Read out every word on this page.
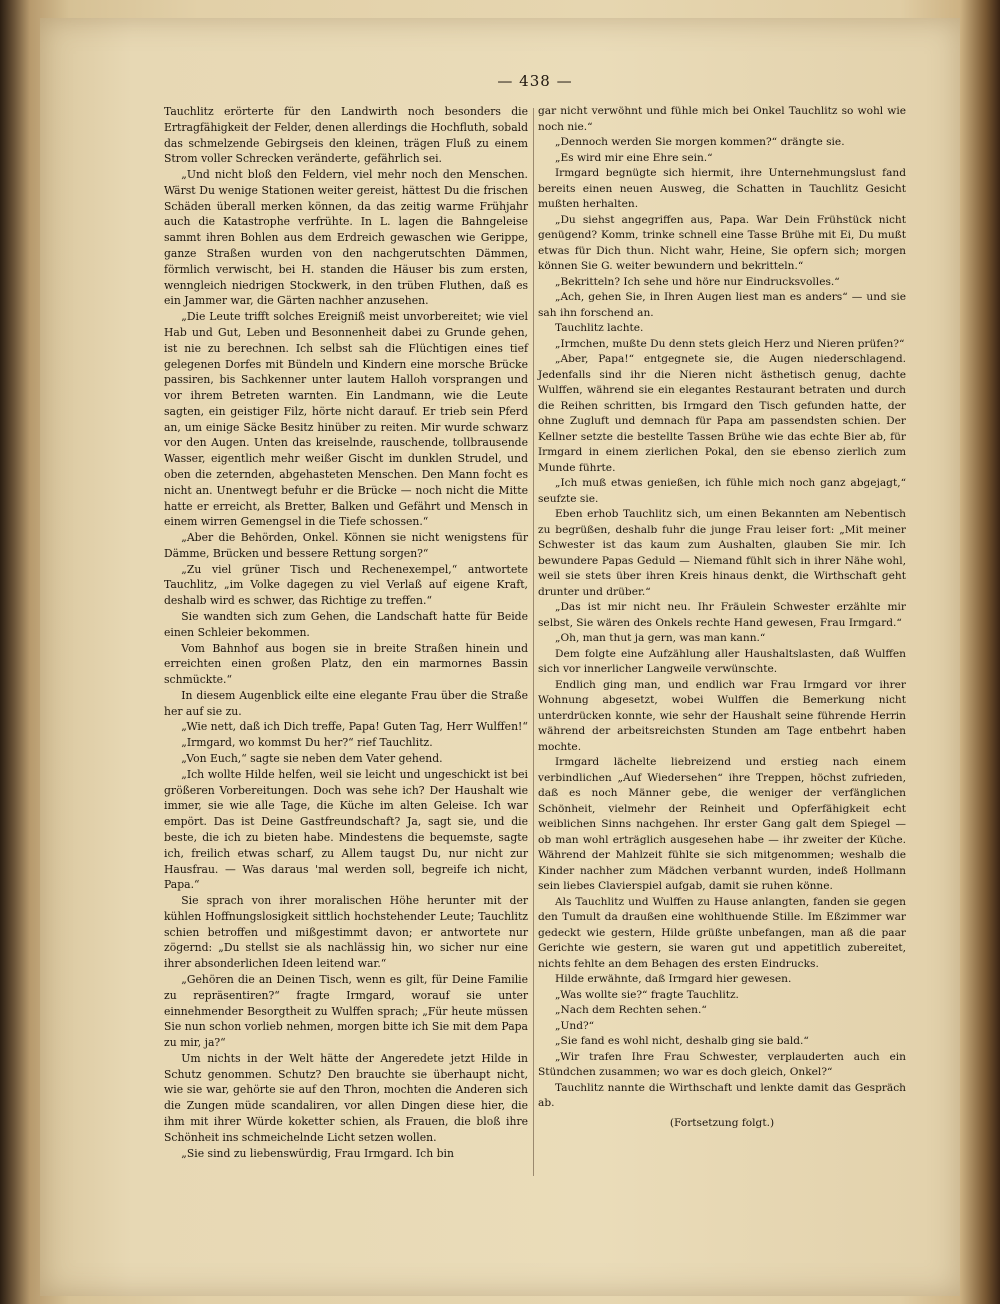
— 438 —

Tauchlitz erörterte für den Landwirth noch besonders die Ertragfähigkeit der Felder, denen allerdings die Hochfluth, sobald das schmelzende Gebirgseis den kleinen, trägen Fluß zu einem Strom voller Schrecken veränderte, gefährlich sei.

„Und nicht bloß den Feldern, viel mehr noch den Menschen. Wärst Du wenige Stationen weiter gereist, hättest Du die frischen Schäden überall merken können, da das zeitig warme Frühjahr auch die Katastrophe verfrühte. In L. lagen die Bahngeleise sammt ihren Bohlen aus dem Erdreich gewaschen wie Gerippe, ganze Straßen wurden von den nachgerutschten Dämmen, förmlich verwischt, bei H. standen die Häuser bis zum ersten, wenngleich niedrigen Stockwerk, in den trüben Fluthen, daß es ein Jammer war, die Gärten nachher anzusehen.

„Die Leute trifft solches Ereigniß meist unvorbereitet; wie viel Hab und Gut, Leben und Besonnenheit dabei zu Grunde gehen, ist nie zu berechnen. Ich selbst sah die Flüchtigen eines tief gelegenen Dorfes mit Bündeln und Kindern eine morsche Brücke passiren, bis Sachkenner unter lautem Halloh vorsprangen und vor ihrem Betreten warnten. Ein Landmann, wie die Leute sagten, ein geistiger Filz, hörte nicht darauf. Er trieb sein Pferd an, um einige Säcke Besitz hinüber zu reiten. Mir wurde schwarz vor den Augen. Unten das kreiselnde, rauschende, tollbrausende Wasser, eigentlich mehr weißer Gischt im dunklen Strudel, und oben die zeternden, abgehasteten Menschen. Den Mann focht es nicht an. Unentwegt befuhr er die Brücke — noch nicht die Mitte hatte er erreicht, als Bretter, Balken und Gefährt und Mensch in einem wirren Gemengsel in die Tiefe schossen.“

„Aber die Behörden, Onkel. Können sie nicht wenigstens für Dämme, Brücken und bessere Rettung sorgen?“

„Zu viel grüner Tisch und Rechenexempel,“ antwortete Tauchlitz, „im Volke dagegen zu viel Verlaß auf eigene Kraft, deshalb wird es schwer, das Richtige zu treffen.“

Sie wandten sich zum Gehen, die Landschaft hatte für Beide einen Schleier bekommen.

Vom Bahnhof aus bogen sie in breite Straßen hinein und erreichten einen großen Platz, den ein marmornes Bassin schmückte.“

In diesem Augenblick eilte eine elegante Frau über die Straße her auf sie zu.

„Wie nett, daß ich Dich treffe, Papa! Guten Tag, Herr Wulffen!“

„Irmgard, wo kommst Du her?“ rief Tauchlitz.

„Von Euch,“ sagte sie neben dem Vater gehend.

„Ich wollte Hilde helfen, weil sie leicht und ungeschickt ist bei größeren Vorbereitungen. Doch was sehe ich? Der Haushalt wie immer, sie wie alle Tage, die Küche im alten Geleise. Ich war empört. Das ist Deine Gastfreundschaft? Ja, sagt sie, und die beste, die ich zu bieten habe. Mindestens die bequemste, sagte ich, freilich etwas scharf, zu Allem taugst Du, nur nicht zur Hausfrau. — Was daraus 'mal werden soll, begreife ich nicht, Papa.“

Sie sprach von ihrer moralischen Höhe herunter mit der kühlen Hoffnungslosigkeit sittlich hochstehender Leute; Tauchlitz schien betroffen und mißgestimmt davon; er antwortete nur zögernd: „Du stellst sie als nachlässig hin, wo sicher nur eine ihrer absonderlichen Ideen leitend war.“

„Gehören die an Deinen Tisch, wenn es gilt, für Deine Familie zu repräsentiren?“ fragte Irmgard, worauf sie unter einnehmender Besorgtheit zu Wulffen sprach; „Für heute müssen Sie nun schon vorlieb nehmen, morgen bitte ich Sie mit dem Papa zu mir, ja?“

Um nichts in der Welt hätte der Angeredete jetzt Hilde in Schutz genommen. Schutz? Den brauchte sie überhaupt nicht, wie sie war, gehörte sie auf den Thron, mochten die Anderen sich die Zungen müde scandaliren, vor allen Dingen diese hier, die ihm mit ihrer Würde koketter schien, als Frauen, die bloß ihre Schönheit ins schmeichelnde Licht setzen wollen.

„Sie sind zu liebenswürdig, Frau Irmgard. Ich bin

gar nicht verwöhnt und fühle mich bei Onkel Tauchlitz so wohl wie noch nie.“

„Dennoch werden Sie morgen kommen?“ drängte sie.

„Es wird mir eine Ehre sein.“

Irmgard begnügte sich hiermit, ihre Unternehmungslust fand bereits einen neuen Ausweg, die Schatten in Tauchlitz Gesicht mußten herhalten.

„Du siehst angegriffen aus, Papa. War Dein Frühstück nicht genügend? Komm, trinke schnell eine Tasse Brühe mit Ei, Du mußt etwas für Dich thun. Nicht wahr, Heine, Sie opfern sich; morgen können Sie G. weiter bewundern und bekritteln.“

„Bekritteln? Ich sehe und höre nur Eindrucksvolles.“

„Ach, gehen Sie, in Ihren Augen liest man es anders“ — und sie sah ihn forschend an.

Tauchlitz lachte.

„Irmchen, mußte Du denn stets gleich Herz und Nieren prüfen?“

„Aber, Papa!“ entgegnete sie, die Augen niederschlagend. Jedenfalls sind ihr die Nieren nicht ästhetisch genug, dachte Wulffen, während sie ein elegantes Restaurant betraten und durch die Reihen schritten, bis Irmgard den Tisch gefunden hatte, der ohne Zugluft und demnach für Papa am passendsten schien. Der Kellner setzte die bestellte Tassen Brühe wie das echte Bier ab, für Irmgard in einem zierlichen Pokal, den sie ebenso zierlich zum Munde führte.

„Ich muß etwas genießen, ich fühle mich noch ganz abgejagt,“ seufzte sie.

Eben erhob Tauchlitz sich, um einen Bekannten am Nebentisch zu begrüßen, deshalb fuhr die junge Frau leiser fort: „Mit meiner Schwester ist das kaum zum Aushalten, glauben Sie mir. Ich bewundere Papas Geduld — Niemand fühlt sich in ihrer Nähe wohl, weil sie stets über ihren Kreis hinaus denkt, die Wirthschaft geht drunter und drüber.“

„Das ist mir nicht neu. Ihr Fräulein Schwester erzählte mir selbst, Sie wären des Onkels rechte Hand gewesen, Frau Irmgard.“

„Oh, man thut ja gern, was man kann.“

Dem folgte eine Aufzählung aller Haushaltslasten, daß Wulffen sich vor innerlicher Langweile verwünschte.

Endlich ging man, und endlich war Frau Irmgard vor ihrer Wohnung abgesetzt, wobei Wulffen die Bemerkung nicht unterdrücken konnte, wie sehr der Haushalt seine führende Herrin während der arbeitsreichsten Stunden am Tage entbehrt haben mochte.

Irmgard lächelte liebreizend und erstieg nach einem verbindlichen „Auf Wiedersehen“ ihre Treppen, höchst zufrieden, daß es noch Männer gebe, die weniger der verfänglichen Schönheit, vielmehr der Reinheit und Opferfähigkeit echt weiblichen Sinns nachgehen. Ihr erster Gang galt dem Spiegel — ob man wohl erträglich ausgesehen habe — ihr zweiter der Küche. Während der Mahlzeit fühlte sie sich mitgenommen; weshalb die Kinder nachher zum Mädchen verbannt wurden, indeß Hollmann sein liebes Clavierspiel aufgab, damit sie ruhen könne.

Als Tauchlitz und Wulffen zu Hause anlangten, fanden sie gegen den Tumult da draußen eine wohlthuende Stille. Im Eßzimmer war gedeckt wie gestern, Hilde grüßte unbefangen, man aß die paar Gerichte wie gestern, sie waren gut und appetitlich zubereitet, nichts fehlte an dem Behagen des ersten Eindrucks.

Hilde erwähnte, daß Irmgard hier gewesen.

„Was wollte sie?“ fragte Tauchlitz.

„Nach dem Rechten sehen.“

„Und?“

„Sie fand es wohl nicht, deshalb ging sie bald.“

„Wir trafen Ihre Frau Schwester, verplauderten auch ein Stündchen zusammen; wo war es doch gleich, Onkel?“

Tauchlitz nannte die Wirthschaft und lenkte damit das Gespräch ab.

(Fortsetzung folgt.)
